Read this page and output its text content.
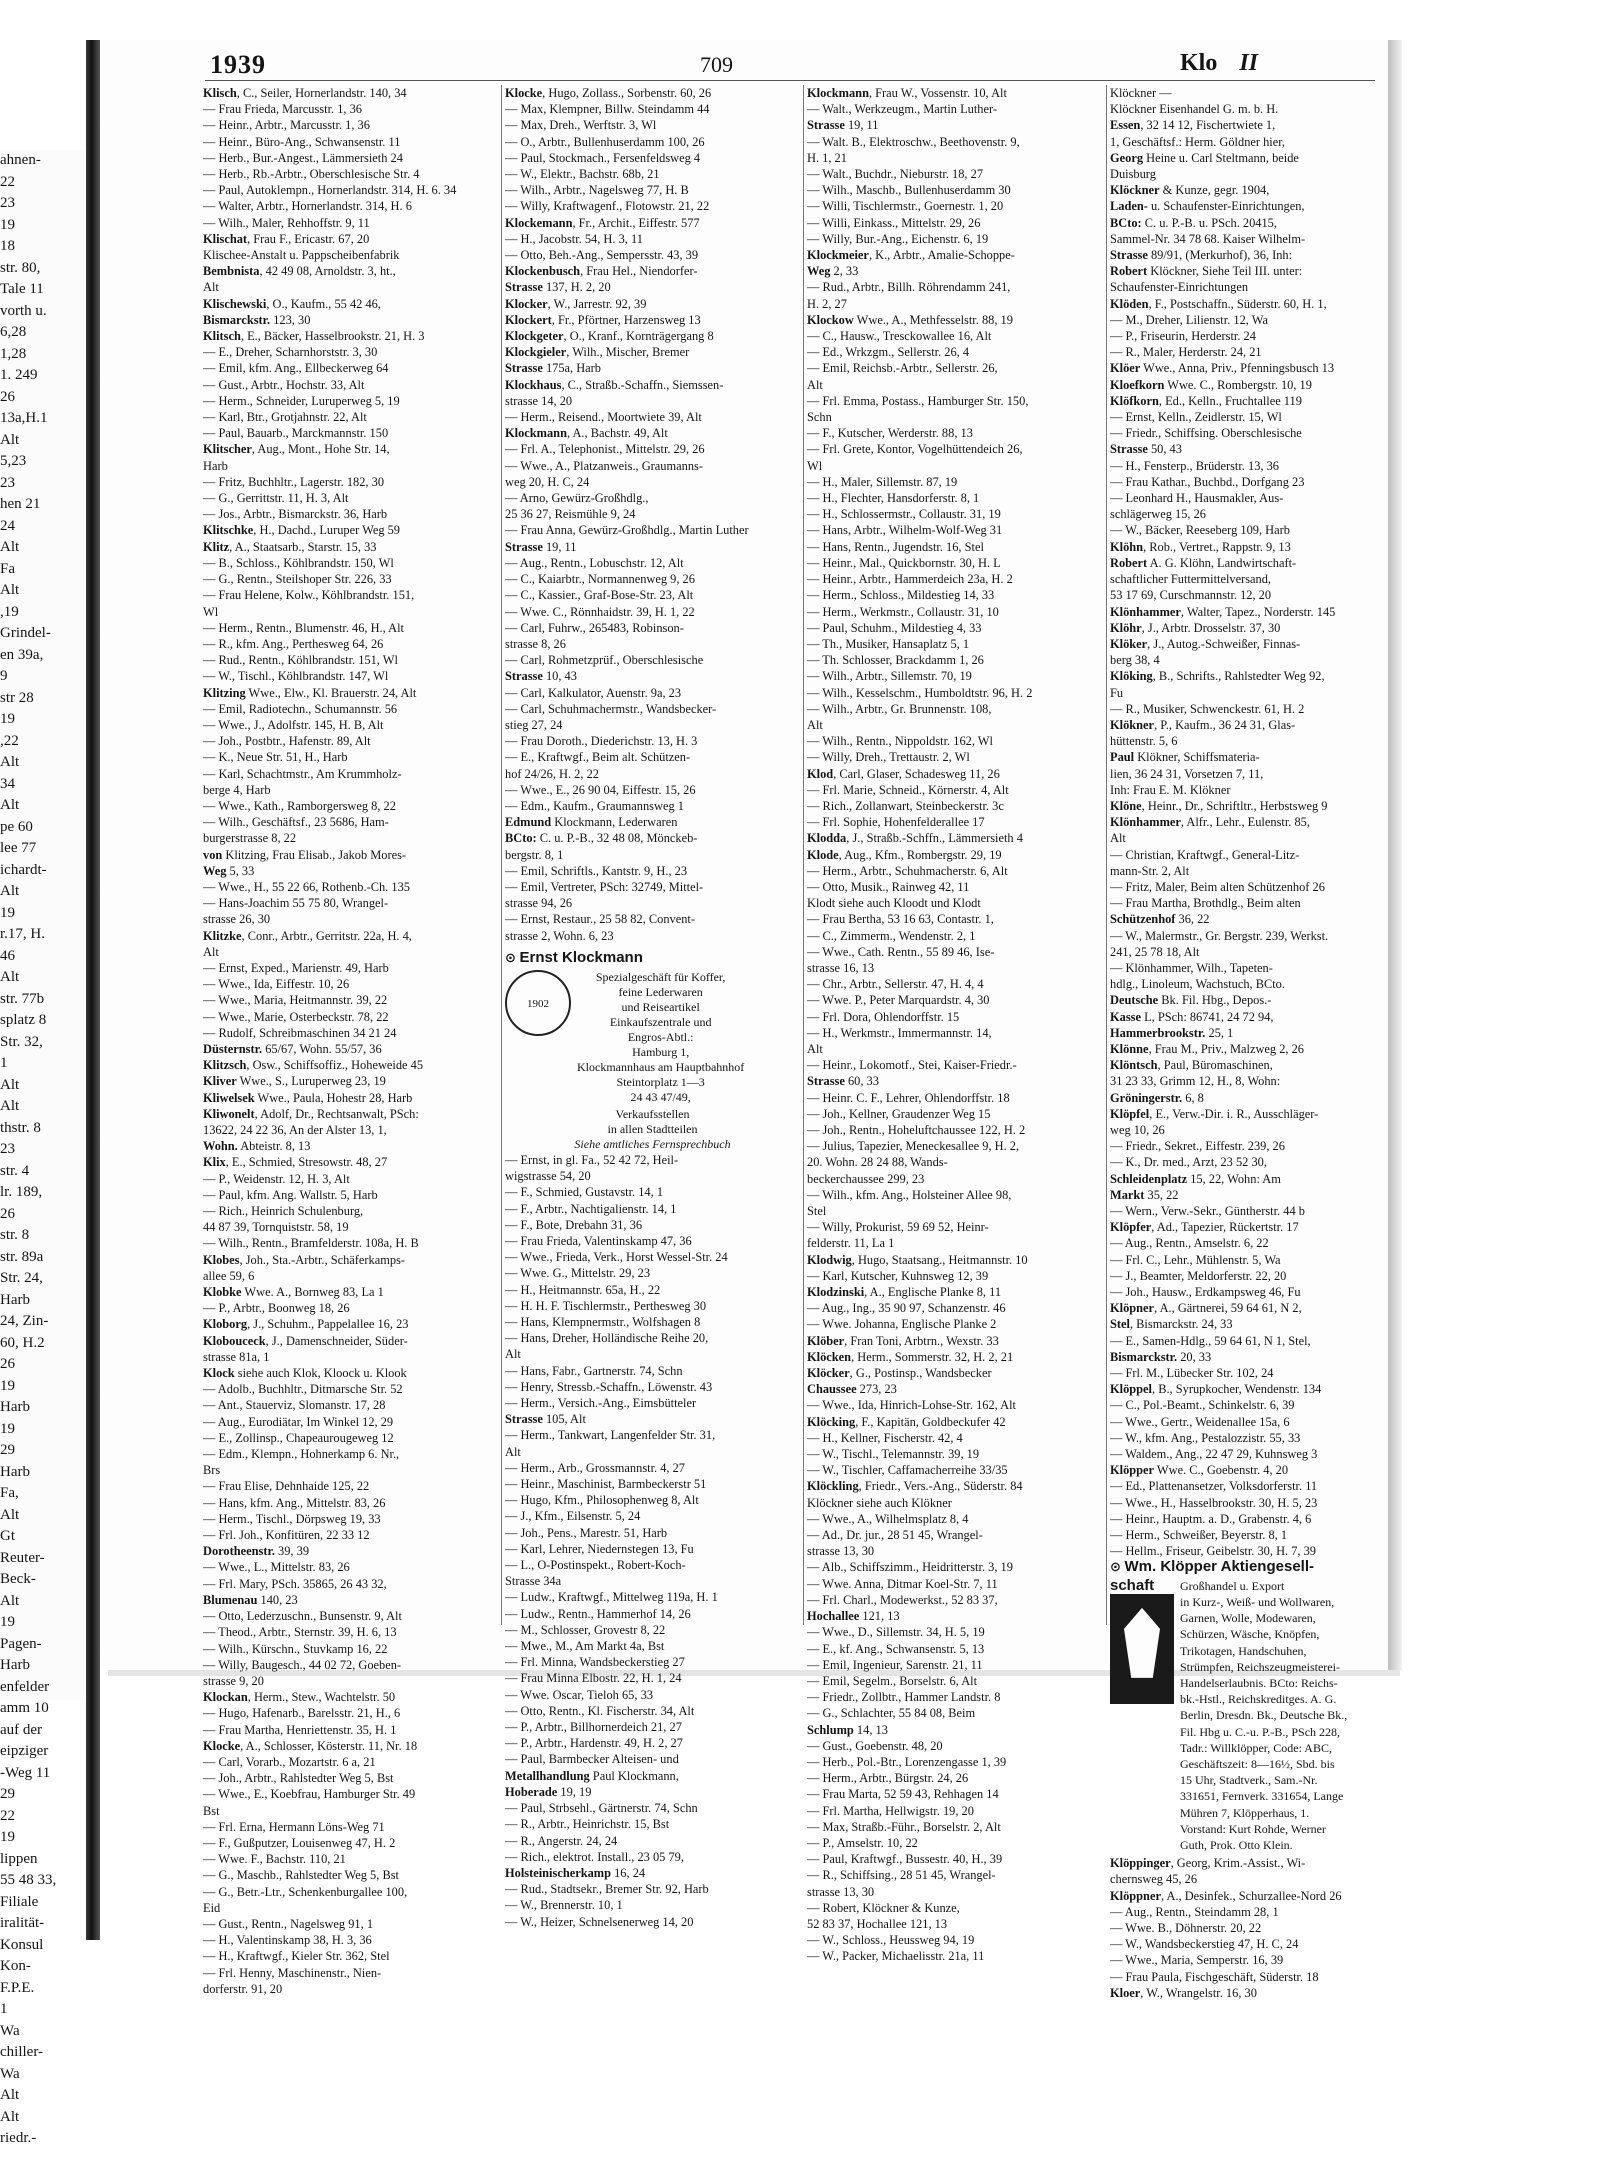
ahnen-
22
23
19
18
str. 80,
Tale 11
vorth u.
6,28
1,28
1. 249
26
13a,H.1
Alt
5,23
23
hen 21
24
Alt
Fa
Alt
,19
Grindel-
en 39a,
9
str 28
19
,22
Alt
34
Alt
pe 60
lee 77
ichardt-
Alt
19
r.17, H.
46
Alt
str. 77b
splatz 8
Str. 32,
1
Alt
Alt
thstr. 8
23
str. 4
lr. 189,
26
str. 8
str. 89a
Str. 24,
Harb
24, Zin-
60, H.2
26
19
Harb
19
29
Harb
Fa,
Alt
Gt
Reuter-
Beck-
Alt
19
Pagen-
Harb
enfelder
amm 10
auf der
eipziger
-Weg 11
29
22
19
lippen
55 48 33,
Filiale
iralität-
Konsul
Kon-
F.P.E.
1
Wa
chiller-
Wa
Alt
Alt
riedr.-
1939	709	Klo II
Klisch, C., Seiler, Hornerlandstr. 140, 34
— Frau Frieda, Marcusstr. 1, 36
— Heinr., Arbtr., Marcusstr. 1, 36
— Heinr., Büro-Ang., Schwansenstr. 11
— Herb., Bur.-Angest., Lämmersieth 24
— Herb., Rb.-Arbtr., Oberschlesische Str. 4
— Paul, Autoklempn., Hornerlandstr. 314, H. 6. 34
— Walter, Arbtr., Hornerlandstr. 314, H. 6
— Wilh., Maler, Rehhoffstr. 9, 11
Klischat, Frau F., Ericastr. 67, 20
Klischee-Anstalt u. Pappscheibenfabrik
Bembnista, 42 49 08, Arnoldstr. 3, ht.,
Alt
Klischewski, O., Kaufm., 55 42 46,
Bismarckstr. 123, 30
Klitsch, E., Bäcker, Hasselbrookstr. 21, H. 3
— E., Dreher, Scharnhorststr. 3, 30
— Emil, kfm. Ang., Ellbeckerweg 64
— Gust., Arbtr., Hochstr. 33, Alt
— Herm., Schneider, Luruperweg 5, 19
— Karl, Btr., Grotjahnstr. 22, Alt
— Paul, Bauarb., Marckmannstr. 150
Klitscher, Aug., Mont., Hohe Str. 14,
Harb
— Fritz, Buchhltr., Lagerstr. 182, 30
— G., Gerrittstr. 11, H. 3, Alt
— Jos., Arbtr., Bismarckstr. 36, Harb
Klitschke, H., Dachd., Luruper Weg 59
Klitz, A., Staatsarb., Starstr. 15, 33
— B., Schloss., Köhlbrandstr. 150, Wl
— G., Rentn., Steilshoper Str. 226, 33
— Frau Helene, Kolw., Köhlbrandstr. 151,
Wl
— Herm., Rentn., Blumenstr. 46, H., Alt
— R., kfm. Ang., Perthesweg 64, 26
— Rud., Rentn., Köhlbrandstr. 151, Wl
— W., Tischl., Köhlbrandstr. 147, Wl
Klitzing Wwe., Elw., Kl. Brauerstr. 24, Alt
— Emil, Radiotechn., Schumannstr. 56
— Wwe., J., Adolfstr. 145, H. B, Alt
— Joh., Postbtr., Hafenstr. 89, Alt
— K., Neue Str. 51, H., Harb
— Karl, Schachtmstr., Am Krummholz-
berge 4, Harb
— Wwe., Kath., Ramborgersweg 8, 22
— Wilh., Geschäftsf., 23 5686, Ham-
burgerstrasse 8, 22
von Klitzing, Frau Elisab., Jakob Mores-
Weg 5, 33
— Wwe., H., 55 22 66, Rothenb.-Ch. 135
— Hans-Joachim 55 75 80, Wrangel-
strasse 26, 30
Klitzke, Conr., Arbtr., Gerritstr. 22a, H. 4,
Alt
— Ernst, Exped., Marienstr. 49, Harb
— Wwe., Ida, Eiffestr. 10, 26
— Wwe., Maria, Heitmannstr. 39, 22
— Wwe., Marie, Osterbeckstr. 78, 22
— Rudolf, Schreibmaschinen 34 21 24
Düsternstr. 65/67, Wohn. 55/57, 36
Klitzsch, Osw., Schiffsoffiz., Hoheweide 45
Kliver Wwe., S., Luruperweg 23, 19
Kliwelsek Wwe., Paula, Hohestr 28, Harb
Kliwonelt, Adolf, Dr., Rechtsanwalt, PSch:
13622, 24 22 36, An der Alster 13, 1,
Wohn. Abteistr. 8, 13
Klix, E., Schmied, Stresowstr. 48, 27
— P., Weidenstr. 12, H. 3, Alt
— Paul, kfm. Ang. Wallstr. 5, Harb
— Rich., Heinrich Schulenburg,
44 87 39, Tornquiststr. 58, 19
— Wilh., Rentn., Bramfelderstr. 108a, H. B
Klobes, Joh., Sta.-Arbtr., Schäferkamps-
allee 59, 6
Klobke Wwe. A., Bornweg 83, La 1
— P., Arbtr., Boonweg 18, 26
Kloborg, J., Schuhm., Pappelallee 16, 23
Klobouceck, J., Damenschneider, Süder-
strasse 81a, 1
Klock siehe auch Klok, Kloock u. Klook
— Adolb., Buchhltr., Ditmarsche Str. 52
— Ant., Stauerviz, Slomanstr. 17, 28
— Aug., Eurodiätar, Im Winkel 12, 29
— E., Zollinsp., Chapeaurougeweg 12
— Edm., Klempn., Hohnerkamp 6. Nr.,
Brs
— Frau Elise, Dehnhaide 125, 22
— Hans, kfm. Ang., Mittelstr. 83, 26
— Herm., Tischl., Dörpsweg 19, 33
— Frl. Joh., Konfitüren, 22 33 12
Dorotheenstr. 39, 39
— Wwe., L., Mittelstr. 83, 26
— Frl. Mary, PSch. 35865, 26 43 32,
Blumenau 140, 23
— Otto, Lederzuschn., Bunsenstr. 9, Alt
— Theod., Arbtr., Sternstr. 39, H. 6, 13
— Wilh., Kürschn., Stuvkamp 16, 22
— Willy, Baugesch., 44 02 72, Goeben-
strasse 9, 20
Klockan, Herm., Stew., Wachtelstr. 50
— Hugo, Hafenarb., Barelsstr. 21, H., 6
— Frau Martha, Henriettenstr. 35, H. 1
Klocke, A., Schlosser, Kösterstr. 11, Nr. 18
— Carl, Vorarb., Mozartstr. 6 a, 21
— Joh., Arbtr., Rahlstedter Weg 5, Bst
— Wwe., E., Koebfrau, Hamburger Str. 49
Bst
— Frl. Erna, Hermann Löns-Weg 71
— F., Gußputzer, Louisenweg 47, H. 2
— Wwe. F., Bachstr. 110, 21
— G., Maschb., Rahlstedter Weg 5, Bst
— G., Betr.-Ltr., Schenkenburgallee 100,
Eid
— Gust., Rentn., Nagelsweg 91, 1
— H., Valentinskamp 38, H. 3, 36
— H., Kraftwgf., Kieler Str. 362, Stel
— Frl. Henny, Maschinenstr., Nien-
dorferstr. 91, 20
Klocke, Hugo, Zollass., Sorbenstr. 60, 26
— Max, Klempner, Billw. Steindamm 44
— Max, Dreh., Werftstr. 3, Wl
— O., Arbtr., Bullenhuserdamm 100, 26
— Paul, Stockmach., Fersenfeldsweg 4
— W., Elektr., Bachstr. 68b, 21
— Wilh., Arbtr., Nagelsweg 77, H. B
— Willy, Kraftwagenf., Flotowstr. 21, 22
Klockemann, Fr., Archit., Eiffestr. 577
— H., Jacobstr. 54, H. 3, 11
— Otto, Beh.-Ang., Sempersstr. 43, 39
Klockenbusch, Frau Hel., Niendorfer-
Strasse 137, H. 2, 20
Klocker, W., Jarrestr. 92, 39
Klockert, Fr., Pförtner, Harzensweg 13
Klockgeter, O., Kranf., Kornträgergang 8
Klockgieler, Wilh., Mischer, Bremer
Strasse 175a, Harb
Klockhaus, C., Straßb.-Schaffn., Siemssen-
strasse 14, 20
— Herm., Reisend., Moortwiete 39, Alt
Klockmann, A., Bachstr. 49, Alt
— Frl. A., Telephonist., Mittelstr. 29, 26
— Wwe., A., Platzanweis., Graumanns-
weg 20, H. C, 24
— Arno, Gewürz-Großhdlg.,
25 36 27, Reismühle 9, 24
— Frau Anna, Gewürz-Großhdlg., Martin Luther
Strasse 19, 11
— Aug., Rentn., Lobuschstr. 12, Alt
— C., Kaiarbtr., Normannenweg 9, 26
— C., Kassier., Graf-Bose-Str. 23, Alt
— Wwe. C., Rönnhaidstr. 39, H. 1, 22
— Carl, Fuhrw., 265483, Robinson-
strasse 8, 26
— Carl, Rohmetzprüf., Oberschlesische
Strasse 10, 43
— Carl, Kalkulator, Auenstr. 9a, 23
— Carl, Schuhmachermstr., Wandsbecker-
stieg 27, 24
— Frau Doroth., Diederichstr. 13, H. 3
— E., Kraftwgf., Beim alt. Schützen-
hof 24/26, H. 2, 22
— Wwe., E., 26 90 04, Eiffestr. 15, 26
— Edm., Kaufm., Graumannsweg 1
Edmund Klockmann, Lederwaren
BCto: C. u. P.-B., 32 48 08, Mönckeb-
bergstr. 8, 1
— Emil, Schriftls., Kantstr. 9, H., 23
— Emil, Vertreter, PSch: 32749, Mittel-
strasse 94, 26
— Ernst, Restaur., 25 58 82, Convent-
strasse 2, Wohn. 6, 23
⊙ Ernst Klockmann
1902
Spezialgeschäft für Koffer,
feine Lederwaren
und Reiseartikel
Einkaufszentrale und
Engros-Abtl.:
Hamburg 1,
Klockmannhaus am Hauptbahnhof
Steintorplatz 1—3
24 43 47/49,
Verkaufsstellen
in allen Stadtteilen
Siehe amtliches Fernsprechbuch
— Ernst, in gl. Fa., 52 42 72, Heil-
wigstrasse 54, 20
— F., Schmied, Gustavstr. 14, 1
— F., Arbtr., Nachtigalienstr. 14, 1
— F., Bote, Drebahn 31, 36
— Frau Frieda, Valentinskamp 47, 36
— Wwe., Frieda, Verk., Horst Wessel-Str. 24
— Wwe. G., Mittelstr. 29, 23
— H., Heitmannstr. 65a, H., 22
— H. H. F. Tischlermstr., Perthesweg 30
— Hans, Klempnermstr., Wolfshagen 8
— Hans, Dreher, Holländische Reihe 20,
Alt
— Hans, Fabr., Gartnerstr. 74, Schn
— Henry, Stressb.-Schaffn., Löwenstr. 43
— Herm., Versich.-Ang., Eimsbütteler
Strasse 105, Alt
— Herm., Tankwart, Langenfelder Str. 31,
Alt
— Herm., Arb., Grossmannstr. 4, 27
— Heinr., Maschinist, Barmbeckerstr 51
— Hugo, Kfm., Philosophenweg 8, Alt
— J., Kfm., Eilsenstr. 5, 24
— Joh., Pens., Marestr. 51, Harb
— Karl, Lehrer, Niedernstegen 13, Fu
— L., O-Postinspekt., Robert-Koch-
Strasse 34a
— Ludw., Kraftwgf., Mittelweg 119a, H. 1
— Ludw., Rentn., Hammerhof 14, 26
— M., Schlosser, Grovestr 8, 22
— Mwe., M., Am Markt 4a, Bst
— Frl. Minna, Wandsbeckerstieg 27
— Frau Minna Elbostr. 22, H. 1, 24
— Wwe. Oscar, Tieloh 65, 33
— Otto, Rentn., Kl. Fischerstr. 34, Alt
— P., Arbtr., Billhornerdeich 21, 27
— P., Arbtr., Hardenstr. 49, H. 2, 27
— Paul, Barmbecker Alteisen- und
Metallhandlung Paul Klockmann,
Hoberade 19, 19
— Paul, Strbsehl., Gärtnerstr. 74, Schn
— R., Arbtr., Heinrichstr. 15, Bst
— R., Angerstr. 24, 24
— Rich., elektrot. Install., 23 05 79,
Holsteinischerkamp 16, 24
— Rud., Stadtsekr., Bremer Str. 92, Harb
— W., Brennerstr. 10, 1
— W., Heizer, Schnelsenerweg 14, 20
Klockmann, Frau W., Vossenstr. 10, Alt
— Walt., Werkzeugm., Martin Luther-
Strasse 19, 11
— Walt. B., Elektroschw., Beethovenstr. 9,
H. 1, 21
— Walt., Buchdr., Nieburstr. 18, 27
— Wilh., Maschb., Bullenhuserdamm 30
— Willi, Tischlermstr., Goernestr. 1, 20
— Willi, Einkass., Mittelstr. 29, 26
— Willy, Bur.-Ang., Eichenstr. 6, 19
Klockmeier, K., Arbtr., Amalie-Schoppe-
Weg 2, 33
— Rud., Arbtr., Billh. Röhrendamm 241,
H. 2, 27
Klockow Wwe., A., Methfesselstr. 88, 19
— C., Hausw., Tresckowallee 16, Alt
— Ed., Wrkzgm., Sellerstr. 26, 4
— Emil, Reichsb.-Arbtr., Sellerstr. 26,
Alt
— Frl. Emma, Postass., Hamburger Str. 150,
Schn
— F., Kutscher, Werderstr. 88, 13
— Frl. Grete, Kontor, Vogelhüttendeich 26,
Wl
— H., Maler, Sillemstr. 87, 19
— H., Flechter, Hansdorferstr. 8, 1
— H., Schlossermstr., Collaustr. 31, 19
— Hans, Arbtr., Wilhelm-Wolf-Weg 31
— Hans, Rentn., Jugendstr. 16, Stel
— Heinr., Mal., Quickbornstr. 30, H. L
— Heinr., Arbtr., Hammerdeich 23a, H. 2
— Herm., Schloss., Mildestieg 14, 33
— Herm., Werkmstr., Collaustr. 31, 10
— Paul, Schuhm., Mildestieg 4, 33
— Th., Musiker, Hansaplatz 5, 1
— Th. Schlosser, Brackdamm 1, 26
— Wilh., Arbtr., Sillemstr. 70, 19
— Wilh., Kesselschm., Humboldtstr. 96, H. 2
— Wilh., Arbtr., Gr. Brunnenstr. 108,
Alt
— Wilh., Rentn., Nippoldstr. 162, Wl
— Willy, Dreh., Trettaustr. 2, Wl
Klod, Carl, Glaser, Schadesweg 11, 26
— Frl. Marie, Schneid., Körnerstr. 4, Alt
— Rich., Zollanwart, Steinbeckerstr. 3c
— Frl. Sophie, Hohenfelderallee 17
Klodda, J., Straßb.-Schffn., Lämmersieth 4
Klode, Aug., Kfm., Rombergstr. 29, 19
— Herm., Arbtr., Schuhmacherstr. 6, Alt
— Otto, Musik., Rainweg 42, 11
Klodt siehe auch Kloodt und Klodt
— Frau Bertha, 53 16 63, Contastr. 1,
— C., Zimmerm., Wendenstr. 2, 1
— Wwe., Cath. Rentn., 55 89 46, Ise-
strasse 16, 13
— Chr., Arbtr., Sellerstr. 47, H. 4, 4
— Wwe. P., Peter Marquardstr. 4, 30
— Frl. Dora, Ohlendorffstr. 15
— H., Werkmstr., Immermannstr. 14,
Alt
— Heinr., Lokomotf., Stei, Kaiser-Friedr.-
Strasse 60, 33
— Heinr. C. F., Lehrer, Ohlendorffstr. 18
— Joh., Kellner, Graudenzer Weg 15
— Joh., Rentn., Hoheluftchaussee 122, H. 2
— Julius, Tapezier, Meneckesallee 9, H. 2,
20. Wohn. 28 24 88, Wands-
beckerchaussee 299, 23
— Wilh., kfm. Ang., Holsteiner Allee 98,
Stel
— Willy, Prokurist, 59 69 52, Heinr-
felderstr. 11, La 1
Klodwig, Hugo, Staatsang., Heitmannstr. 10
— Karl, Kutscher, Kuhnsweg 12, 39
Klodzinski, A., Englische Planke 8, 11
— Aug., Ing., 35 90 97, Schanzenstr. 46
— Wwe. Johanna, Englische Planke 2
Klöber, Fran Toni, Arbtrn., Wexstr. 33
Klöcken, Herm., Sommerstr. 32, H. 2, 21
Klöcker, G., Postinsp., Wandsbecker
Chaussee 273, 23
— Wwe., Ida, Hinrich-Lohse-Str. 162, Alt
Klöcking, F., Kapitän, Goldbeckufer 42
— H., Kellner, Fischerstr. 42, 4
— W., Tischl., Telemannstr. 39, 19
— W., Tischler, Caffamacherreihe 33/35
Klöckling, Friedr., Vers.-Ang., Süderstr. 84
Klöckner siehe auch Klökner
— Wwe., A., Wilhelmsplatz 8, 4
— Ad., Dr. jur., 28 51 45, Wrangel-
strasse 13, 30
— Alb., Schiffszimm., Heidritterstr. 3, 19
— Wwe. Anna, Ditmar Koel-Str. 7, 11
— Frl. Charl., Modewerkst., 52 83 37,
Hochallee 121, 13
— Wwe., D., Sillemstr. 34, H. 5, 19
— E., kf. Ang., Schwansenstr. 5, 13
— Emil, Ingenieur, Sarenstr. 21, 11
— Emil, Segelm., Borselstr. 6, Alt
— Friedr., Zollbtr., Hammer Landstr. 8
— G., Schlachter, 55 84 08, Beim
Schlump 14, 13
— Gust., Goebenstr. 48, 20
— Herb., Pol.-Btr., Lorenzengasse 1, 39
— Herm., Arbtr., Bürgstr. 24, 26
— Frau Marta, 52 59 43, Rehhagen 14
— Frl. Martha, Hellwigstr. 19, 20
— Max, Straßb.-Führ., Borselstr. 2, Alt
— P., Amselstr. 10, 22
— Paul, Kraftwgf., Bussestr. 40, H., 39
— R., Schiffsing., 28 51 45, Wrangel-
strasse 13, 30
— Robert, Klöckner & Kunze,
52 83 37, Hochallee 121, 13
— W., Schloss., Heussweg 94, 19
— W., Packer, Michaelisstr. 21a, 11
Klöckner —
Klöckner Eisenhandel G. m. b. H.
Essen, 32 14 12, Fischertwiete 1,
1, Geschäftsf.: Herm. Göldner hier,
Georg Heine u. Carl Steltmann, beide
Duisburg
Klöckner & Kunze, gegr. 1904,
Laden- u. Schaufenster-Einrichtungen,
BCto: C. u. P.-B. u. PSch. 20415,
Sammel-Nr. 34 78 68. Kaiser Wilhelm-
Strasse 89/91, (Merkurhof), 36, Inh:
Robert Klöckner, Siehe Teil III. unter:
Schaufenster-Einrichtungen
Klöden, F., Postschaffn., Süderstr. 60, H. 1,
— M., Dreher, Lilienstr. 12, Wa
— P., Friseurin, Herderstr. 24
— R., Maler, Herderstr. 24, 21
Klöer Wwe., Anna, Priv., Pfenningsbusch 13
Kloefkorn Wwe. C., Rombergstr. 10, 19
Klöfkorn, Ed., Kelln., Fruchtallee 119
— Ernst, Kelln., Zeidlerstr. 15, Wl
— Friedr., Schiffsing. Oberschlesische
Strasse 50, 43
— H., Fensterp., Brüderstr. 13, 36
— Frau Kathar., Buchbd., Dorfgang 23
— Leonhard H., Hausmakler, Aus-
schlägerweg 15, 26
— W., Bäcker, Reeseberg 109, Harb
Klöhn, Rob., Vertret., Rappstr. 9, 13
Robert A. G. Klöhn, Landwirtschaft-
schaftlicher Futtermittelversand,
53 17 69, Curschmannstr. 12, 20
Klönhammer, Walter, Tapez., Norderstr. 145
Klöhr, J., Arbtr. Drosselstr. 37, 30
Klöker, J., Autog.-Schweißer, Finnas-
berg 38, 4
Klöking, B., Schrifts., Rahlstedter Weg 92,
Fu
— R., Musiker, Schwenckestr. 61, H. 2
Klökner, P., Kaufm., 36 24 31, Glas-
hüttenstr. 5, 6
Paul Klökner, Schiffsmateria-
lien, 36 24 31, Vorsetzen 7, 11,
Inh: Frau E. M. Klökner
Klöne, Heinr., Dr., Schriftltr., Herbstsweg 9
Klönhammer, Alfr., Lehr., Eulenstr. 85,
Alt
— Christian, Kraftwgf., General-Litz-
mann-Str. 2, Alt
— Fritz, Maler, Beim alten Schützenhof 26
— Frau Martha, Brothdlg., Beim alten
Schützenhof 36, 22
— W., Malermstr., Gr. Bergstr. 239, Werkst.
241, 25 78 18, Alt
— Klönhammer, Wilh., Tapeten-
hdlg., Linoleum, Wachstuch, BCto.
Deutsche Bk. Fil. Hbg., Depos.-
Kasse L, PSch: 86741, 24 72 94,
Hammerbrookstr. 25, 1
Klönne, Frau M., Priv., Malzweg 2, 26
Klöntsch, Paul, Büromaschinen,
31 23 33, Grimm 12, H., 8, Wohn:
Gröningerstr. 6, 8
Klöpfel, E., Verw.-Dir. i. R., Ausschläger-
weg 10, 26
— Friedr., Sekret., Eiffestr. 239, 26
— K., Dr. med., Arzt, 23 52 30,
Schleidenplatz 15, 22, Wohn: Am
Markt 35, 22
— Wern., Verw.-Sekr., Güntherstr. 44 b
Klöpfer, Ad., Tapezier, Rückertstr. 17
— Aug., Rentn., Amselstr. 6, 22
— Frl. C., Lehr., Mühlenstr. 5, Wa
— J., Beamter, Meldorferstr. 22, 20
— Joh., Hausw., Erdkampsweg 46, Fu
Klöpner, A., Gärtnerei, 59 64 61, N 2,
Stel, Bismarckstr. 24, 33
— E., Samen-Hdlg., 59 64 61, N 1, Stel,
Bismarckstr. 20, 33
— Frl. M., Lübecker Str. 102, 24
Klöppel, B., Syrupkocher, Wendenstr. 134
— C., Pol.-Beamt., Schinkelstr. 6, 39
— Wwe., Gertr., Weidenallee 15a, 6
— W., kfm. Ang., Pestalozzistr. 55, 33
— Waldem., Ang., 22 47 29, Kuhnsweg 3
Klöpper Wwe. C., Goebenstr. 4, 20
— Ed., Plattenansetzer, Volksdorferstr. 11
— Wwe., H., Hasselbrookstr. 30, H. 5, 23
— Heinr., Hauptm. a. D., Grabenstr. 4, 6
— Herm., Schweißer, Beyerstr. 8, 1
— Hellm., Friseur, Geibelstr. 30, H. 7, 39
⊙ Wm. Klöpper Aktiengesell-
schaft	Großhandel u. Export
in Kurz-, Weiß- und Wollwaren,
Garnen, Wolle, Modewaren,
Schürzen, Wäsche, Knöpfen,
Trikotagen, Handschuhen,
Strümpfen, Reichszeugmeisterei-
Handelserlaubnis. BCto: Reichs-
bk.-Hstl., Reichskreditges. A. G.
Berlin, Dresdn. Bk., Deutsche Bk.,
Fil. Hbg u. C.-u. P.-B., PSch 228,
Tadr.: Willklöpper, Code: ABC,
Geschäftszeit: 8—16½, Sbd. bis
15 Uhr, Stadtverk., Sam.-Nr.
331651, Fernverk. 331654, Lange
Mühren 7, Klöpperhaus, 1.
Vorstand: Kurt Rohde, Werner
Guth, Prok. Otto Klein.
Klöppinger, Georg, Krim.-Assist., Wi-
chernsweg 45, 26
Klöppner, A., Desinfek., Schurzallee-Nord 26
— Aug., Rentn., Steindamm 28, 1
— Wwe. B., Döhnerstr. 20, 22
— W., Wandsbeckerstieg 47, H. C, 24
— Wwe., Maria, Semperstr. 16, 39
— Frau Paula, Fischgeschäft, Süderstr. 18
Kloer, W., Wrangelstr. 16, 30
